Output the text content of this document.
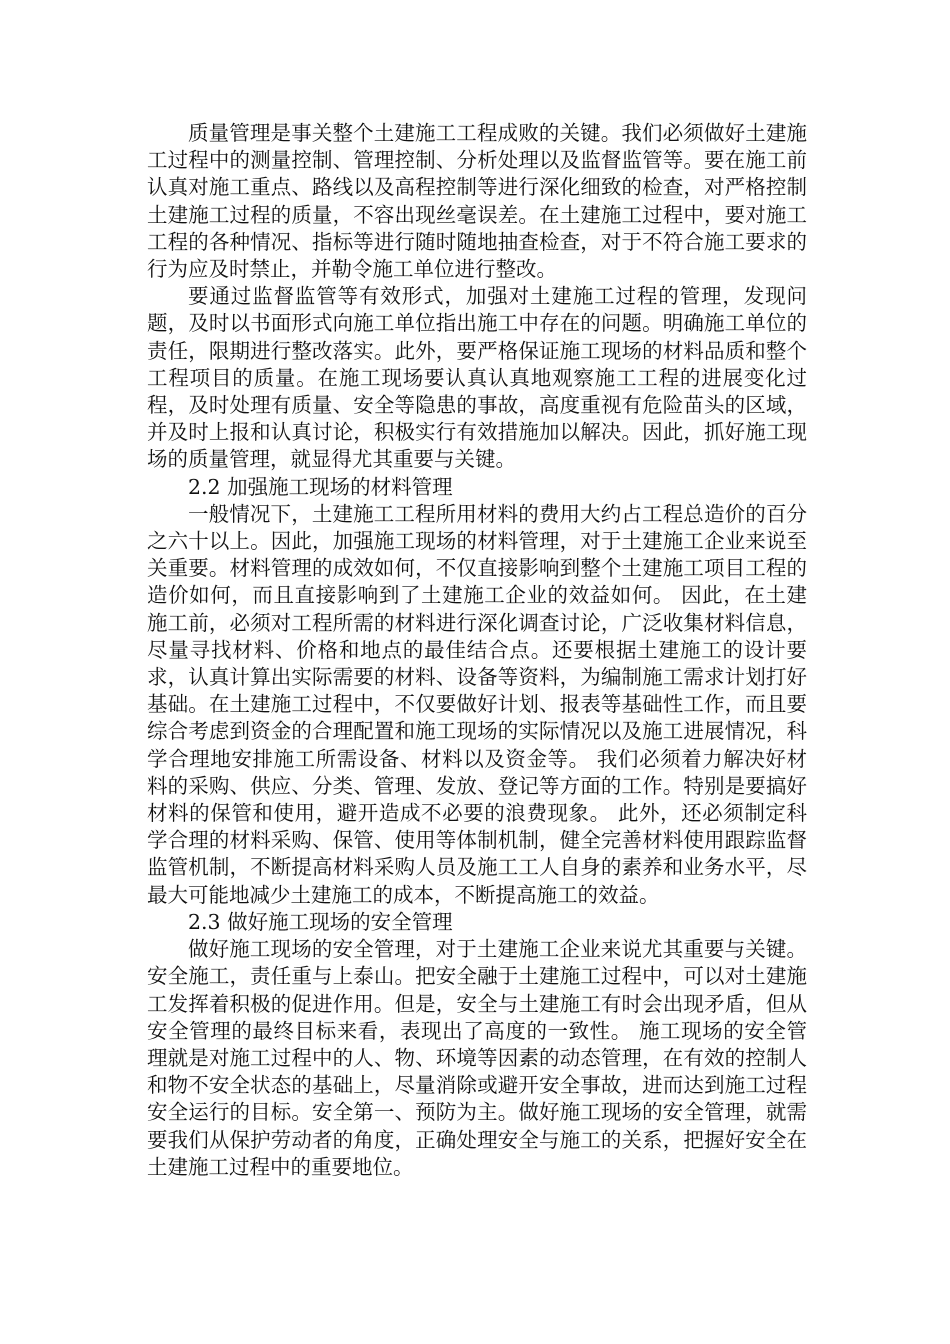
质量管理是事关整个土建施工工程成败的关键。我们必须做好土建施工过程中的测量控制、管理控制、分析处理以及监督监管等。要在施工前认真对施工重点、路线以及高程控制等进行深化细致的检查，对严格控制土建施工过程的质量，不容出现丝毫误差。在土建施工过程中，要对施工工程的各种情况、指标等进行随时随地抽查检查，对于不符合施工要求的行为应及时禁止，并勒令施工单位进行整改。

要通过监督监管等有效形式，加强对土建施工过程的管理，发现问题，及时以书面形式向施工单位指出施工中存在的问题。明确施工单位的责任，限期进行整改落实。此外，要严格保证施工现场的材料品质和整个工程项目的质量。在施工现场要认真认真地观察施工工程的进展变化过程，及时处理有质量、安全等隐患的事故，高度重视有危险苗头的区域，并及时上报和认真讨论，积极实行有效措施加以解决。因此，抓好施工现场的质量管理，就显得尤其重要与关键。

2.2 加强施工现场的材料管理

一般情况下，土建施工工程所用材料的费用大约占工程总造价的百分之六十以上。因此，加强施工现场的材料管理，对于土建施工企业来说至关重要。材料管理的成效如何，不仅直接影响到整个土建施工项目工程的造价如何，而且直接影响到了土建施工企业的效益如何。 因此，在土建施工前，必须对工程所需的材料进行深化调查讨论，广泛收集材料信息，尽量寻找材料、价格和地点的最佳结合点。还要根据土建施工的设计要求，认真计算出实际需要的材料、设备等资料，为编制施工需求计划打好基础。在土建施工过程中，不仅要做好计划、报表等基础性工作，而且要综合考虑到资金的合理配置和施工现场的实际情况以及施工进展情况，科学合理地安排施工所需设备、材料以及资金等。 我们必须着力解决好材料的采购、供应、分类、管理、发放、登记等方面的工作。特别是要搞好材料的保管和使用，避开造成不必要的浪费现象。 此外，还必须制定科学合理的材料采购、保管、使用等体制机制，健全完善材料使用跟踪监督监管机制，不断提高材料采购人员及施工工人自身的素养和业务水平，尽最大可能地减少土建施工的成本，不断提高施工的效益。

2.3 做好施工现场的安全管理

做好施工现场的安全管理，对于土建施工企业来说尤其重要与关键。安全施工，责任重与上泰山。把安全融于土建施工过程中，可以对土建施工发挥着积极的促进作用。但是，安全与土建施工有时会出现矛盾，但从安全管理的最终目标来看，表现出了高度的一致性。 施工现场的安全管理就是对施工过程中的人、物、环境等因素的动态管理，在有效的控制人和物不安全状态的基础上，尽量消除或避开安全事故，进而达到施工过程安全运行的目标。安全第一、预防为主。做好施工现场的安全管理，就需要我们从保护劳动者的角度，正确处理安全与施工的关系，把握好安全在土建施工过程中的重要地位。
